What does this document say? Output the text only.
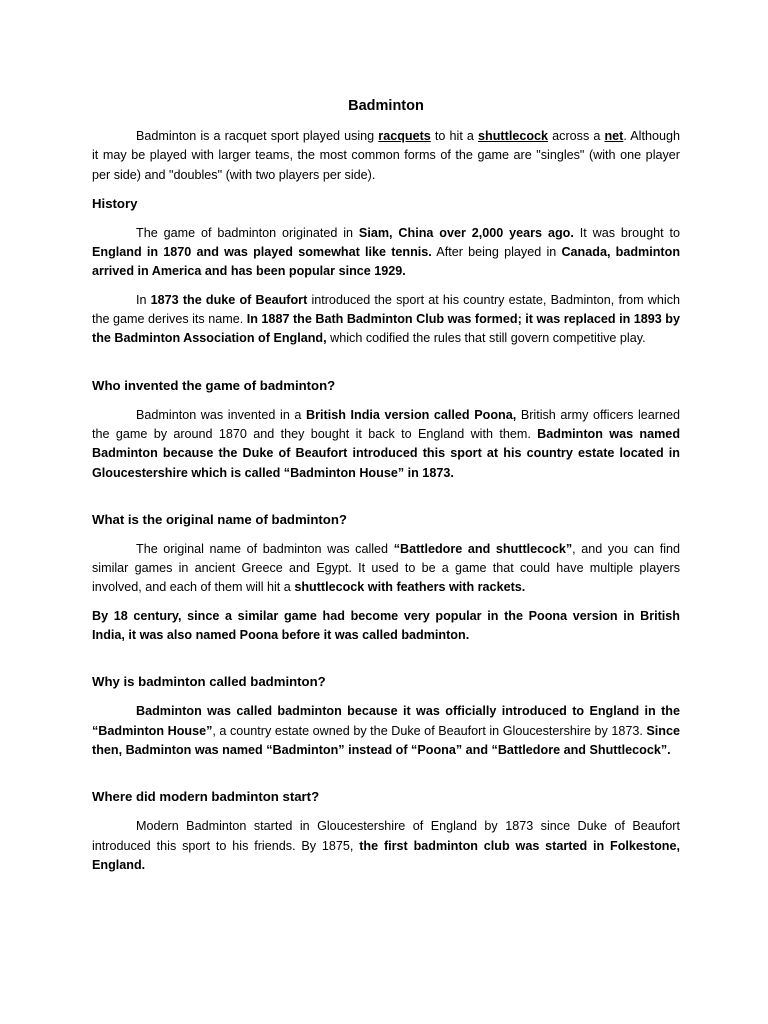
Badminton

Badminton is a racquet sport played using racquets to hit a shuttlecock across a net. Although it may be played with larger teams, the most common forms of the game are "singles" (with one player per side) and "doubles" (with two players per side).

History

The game of badminton originated in Siam, China over 2,000 years ago. It was brought to England in 1870 and was played somewhat like tennis. After being played in Canada, badminton arrived in America and has been popular since 1929.

In 1873 the duke of Beaufort introduced the sport at his country estate, Badminton, from which the game derives its name. In 1887 the Bath Badminton Club was formed; it was replaced in 1893 by the Badminton Association of England, which codified the rules that still govern competitive play.

Who invented the game of badminton?

Badminton was invented in a British India version called Poona, British army officers learned the game by around 1870 and they bought it back to England with them. Badminton was named Badminton because the Duke of Beaufort introduced this sport at his country estate located in Gloucestershire which is called “Badminton House” in 1873.

What is the original name of badminton?

The original name of badminton was called “Battledore and shuttlecock”, and you can find similar games in ancient Greece and Egypt. It used to be a game that could have multiple players involved, and each of them will hit a shuttlecock with feathers with rackets.

By 18 century, since a similar game had become very popular in the Poona version in British India, it was also named Poona before it was called badminton.

Why is badminton called badminton?

Badminton was called badminton because it was officially introduced to England in the “Badminton House”, a country estate owned by the Duke of Beaufort in Gloucestershire by 1873. Since then, Badminton was named “Badminton” instead of “Poona” and “Battledore and Shuttlecock”.

Where did modern badminton start?

Modern Badminton started in Gloucestershire of England by 1873 since Duke of Beaufort introduced this sport to his friends. By 1875, the first badminton club was started in Folkestone, England.
